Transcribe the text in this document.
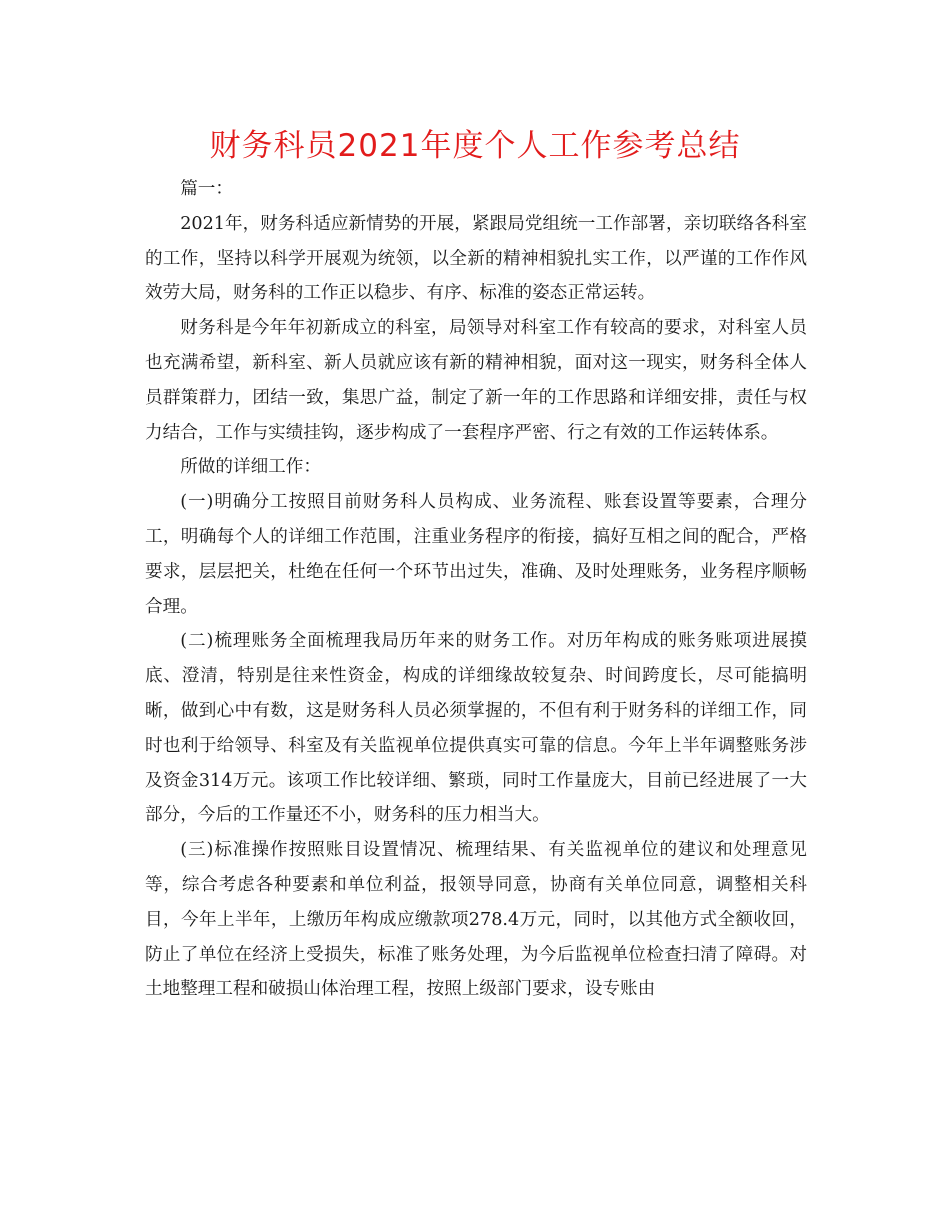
财务科员2021年度个人工作参考总结

篇一：

2021年，财务科适应新情势的开展，紧跟局党组统一工作部署，亲切联络各科室的工作，坚持以科学开展观为统领，以全新的精神相貌扎实工作，以严谨的工作作风效劳大局，财务科的工作正以稳步、有序、标准的姿态正常运转。

财务科是今年年初新成立的科室，局领导对科室工作有较高的要求，对科室人员也充满希望，新科室、新人员就应该有新的精神相貌，面对这一现实，财务科全体人员群策群力，团结一致，集思广益，制定了新一年的工作思路和详细安排，责任与权力结合，工作与实绩挂钩，逐步构成了一套程序严密、行之有效的工作运转体系。

所做的详细工作：

(一)明确分工按照目前财务科人员构成、业务流程、账套设置等要素，合理分工，明确每个人的详细工作范围，注重业务程序的衔接，搞好互相之间的配合，严格要求，层层把关，杜绝在任何一个环节出过失，准确、及时处理账务，业务程序顺畅合理。

(二)梳理账务全面梳理我局历年来的财务工作。对历年构成的账务账项进展摸底、澄清，特别是往来性资金，构成的详细缘故较复杂、时间跨度长，尽可能搞明晰，做到心中有数，这是财务科人员必须掌握的，不但有利于财务科的详细工作，同时也利于给领导、科室及有关监视单位提供真实可靠的信息。今年上半年调整账务涉及资金314万元。该项工作比较详细、繁琐，同时工作量庞大，目前已经进展了一大部分，今后的工作量还不小，财务科的压力相当大。

(三)标准操作按照账目设置情况、梳理结果、有关监视单位的建议和处理意见等，综合考虑各种要素和单位利益，报领导同意，协商有关单位同意，调整相关科目，今年上半年，上缴历年构成应缴款项278.4万元，同时，以其他方式全额收回，防止了单位在经济上受损失，标准了账务处理，为今后监视单位检查扫清了障碍。对土地整理工程和破损山体治理工程，按照上级部门要求，设专账由
